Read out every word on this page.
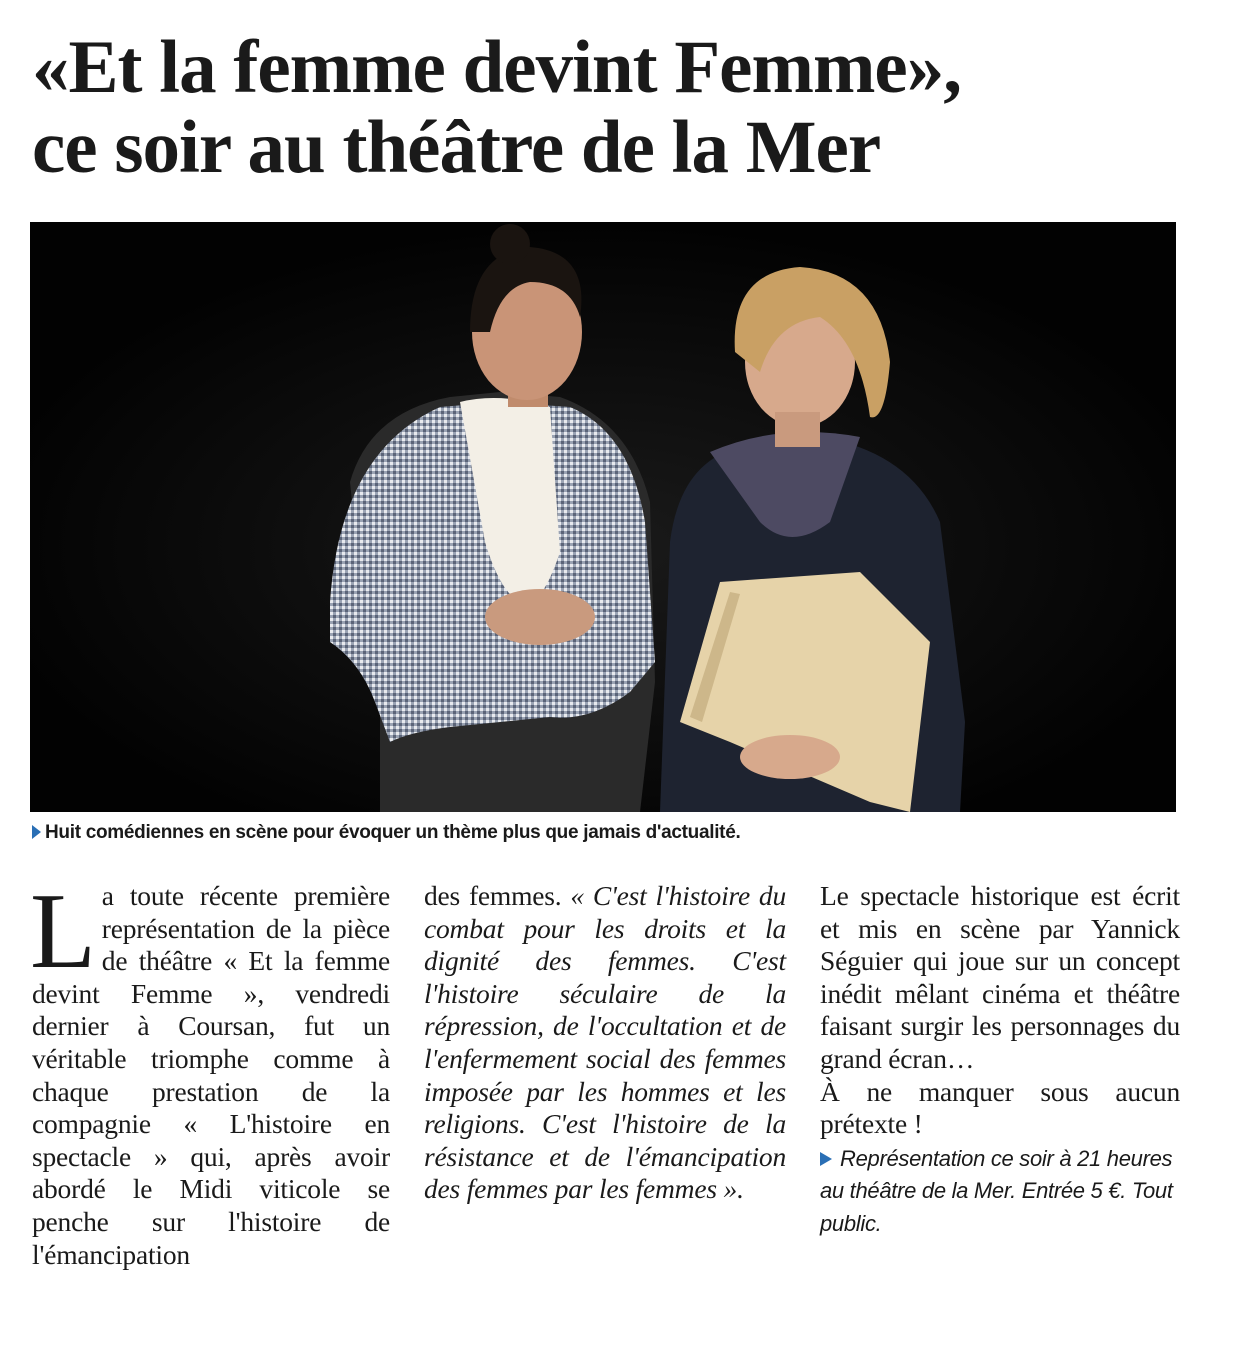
«Et la femme devint Femme»,
ce soir au théâtre de la Mer
Huit comédiennes en scène pour évoquer un thème plus que jamais d'actualité.
La toute récente première représentation de la pièce de théâtre « Et la femme devint Femme », vendredi dernier à Coursan, fut un véritable triomphe comme à chaque prestation de la compagnie « L'histoire en spectacle » qui, après avoir abordé le Midi viticole se penche sur l'histoire de l'émancipation
des femmes. « C'est l'histoire du combat pour les droits et la dignité des femmes. C'est l'histoire séculaire de la répression, de l'occultation et de l'enfermement social des femmes imposée par les hommes et les religions. C'est l'histoire de la résistance et de l'émancipation des femmes par les femmes ».
Le spectacle historique est écrit et mis en scène par Yannick Séguier qui joue sur un concept inédit mêlant cinéma et théâtre faisant surgir les personnages du grand écran…
À ne manquer sous aucun prétexte !
Représentation ce soir à 21 heures au théâtre de la Mer. Entrée 5 €. Tout public.
